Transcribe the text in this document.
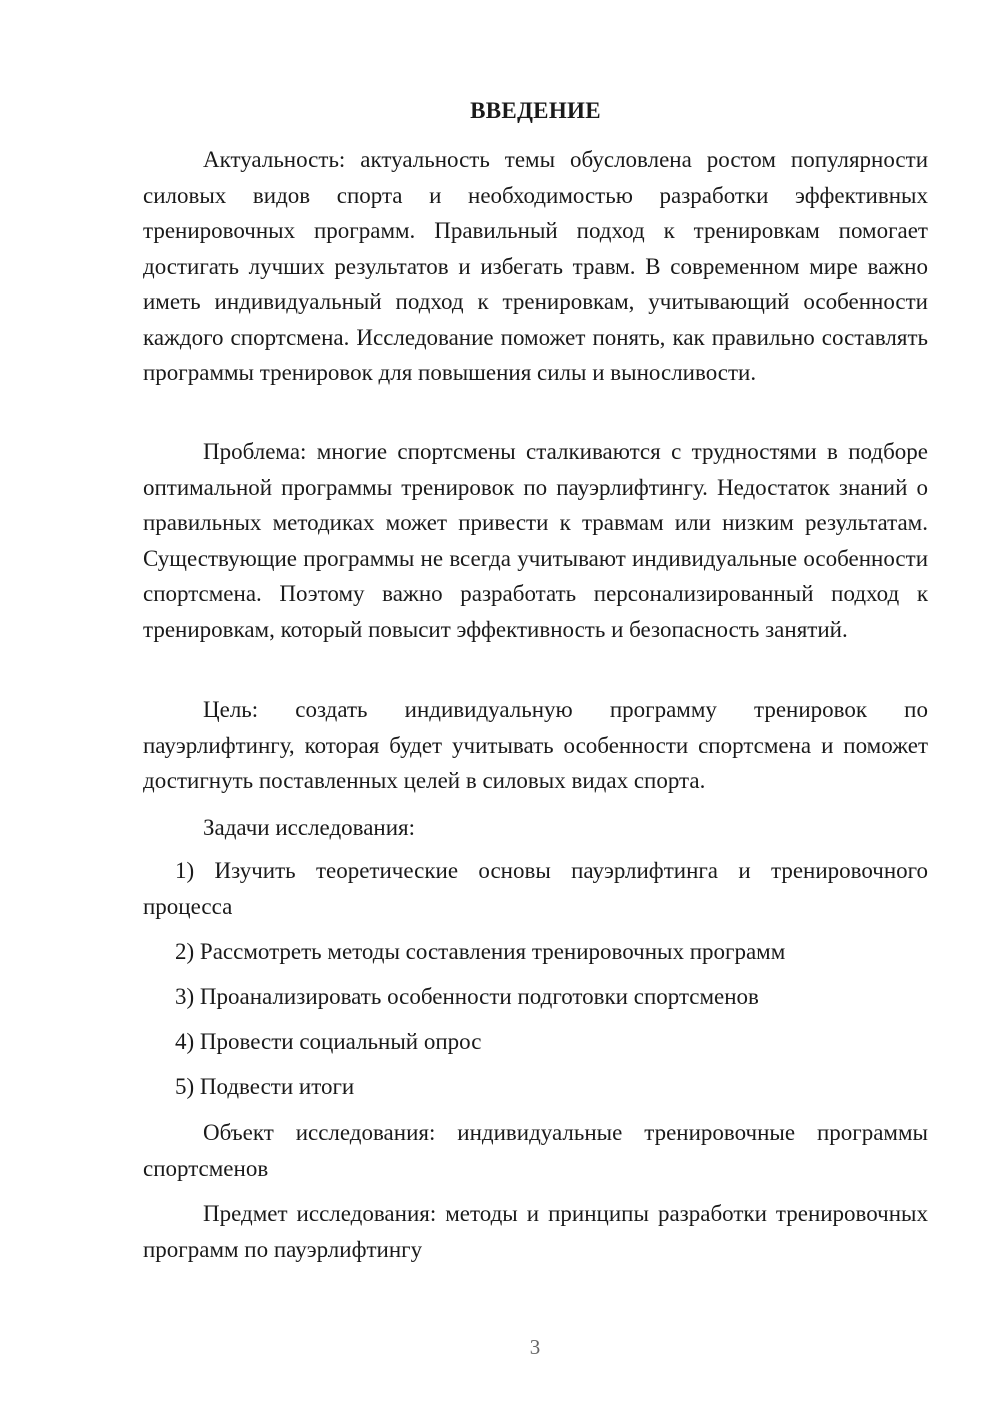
ВВЕДЕНИЕ
Актуальность: актуальность темы обусловлена ростом популярности силовых видов спорта и необходимостью разработки эффективных тренировочных программ. Правильный подход к тренировкам помогает достигать лучших результатов и избегать травм. В современном мире важно иметь индивидуальный подход к тренировкам, учитывающий особенности каждого спортсмена. Исследование поможет понять, как правильно составлять программы тренировок для повышения силы и выносливости.
Проблема: многие спортсмены сталкиваются с трудностями в подборе оптимальной программы тренировок по пауэрлифтингу. Недостаток знаний о правильных методиках может привести к травмам или низким результатам. Существующие программы не всегда учитывают индивидуальные особенности спортсмена. Поэтому важно разработать персонализированный подход к тренировкам, который повысит эффективность и безопасность занятий.
Цель: создать индивидуальную программу тренировок по пауэрлифтингу, которая будет учитывать особенности спортсмена и поможет достигнуть поставленных целей в силовых видах спорта.
Задачи исследования:
1) Изучить теоретические основы пауэрлифтинга и тренировочного процесса
2) Рассмотреть методы составления тренировочных программ
3) Проанализировать особенности подготовки спортсменов
4) Провести социальный опрос
5) Подвести итоги
Объект исследования: индивидуальные тренировочные программы спортсменов
Предмет исследования: методы и принципы разработки тренировочных программ по пауэрлифтингу
3
